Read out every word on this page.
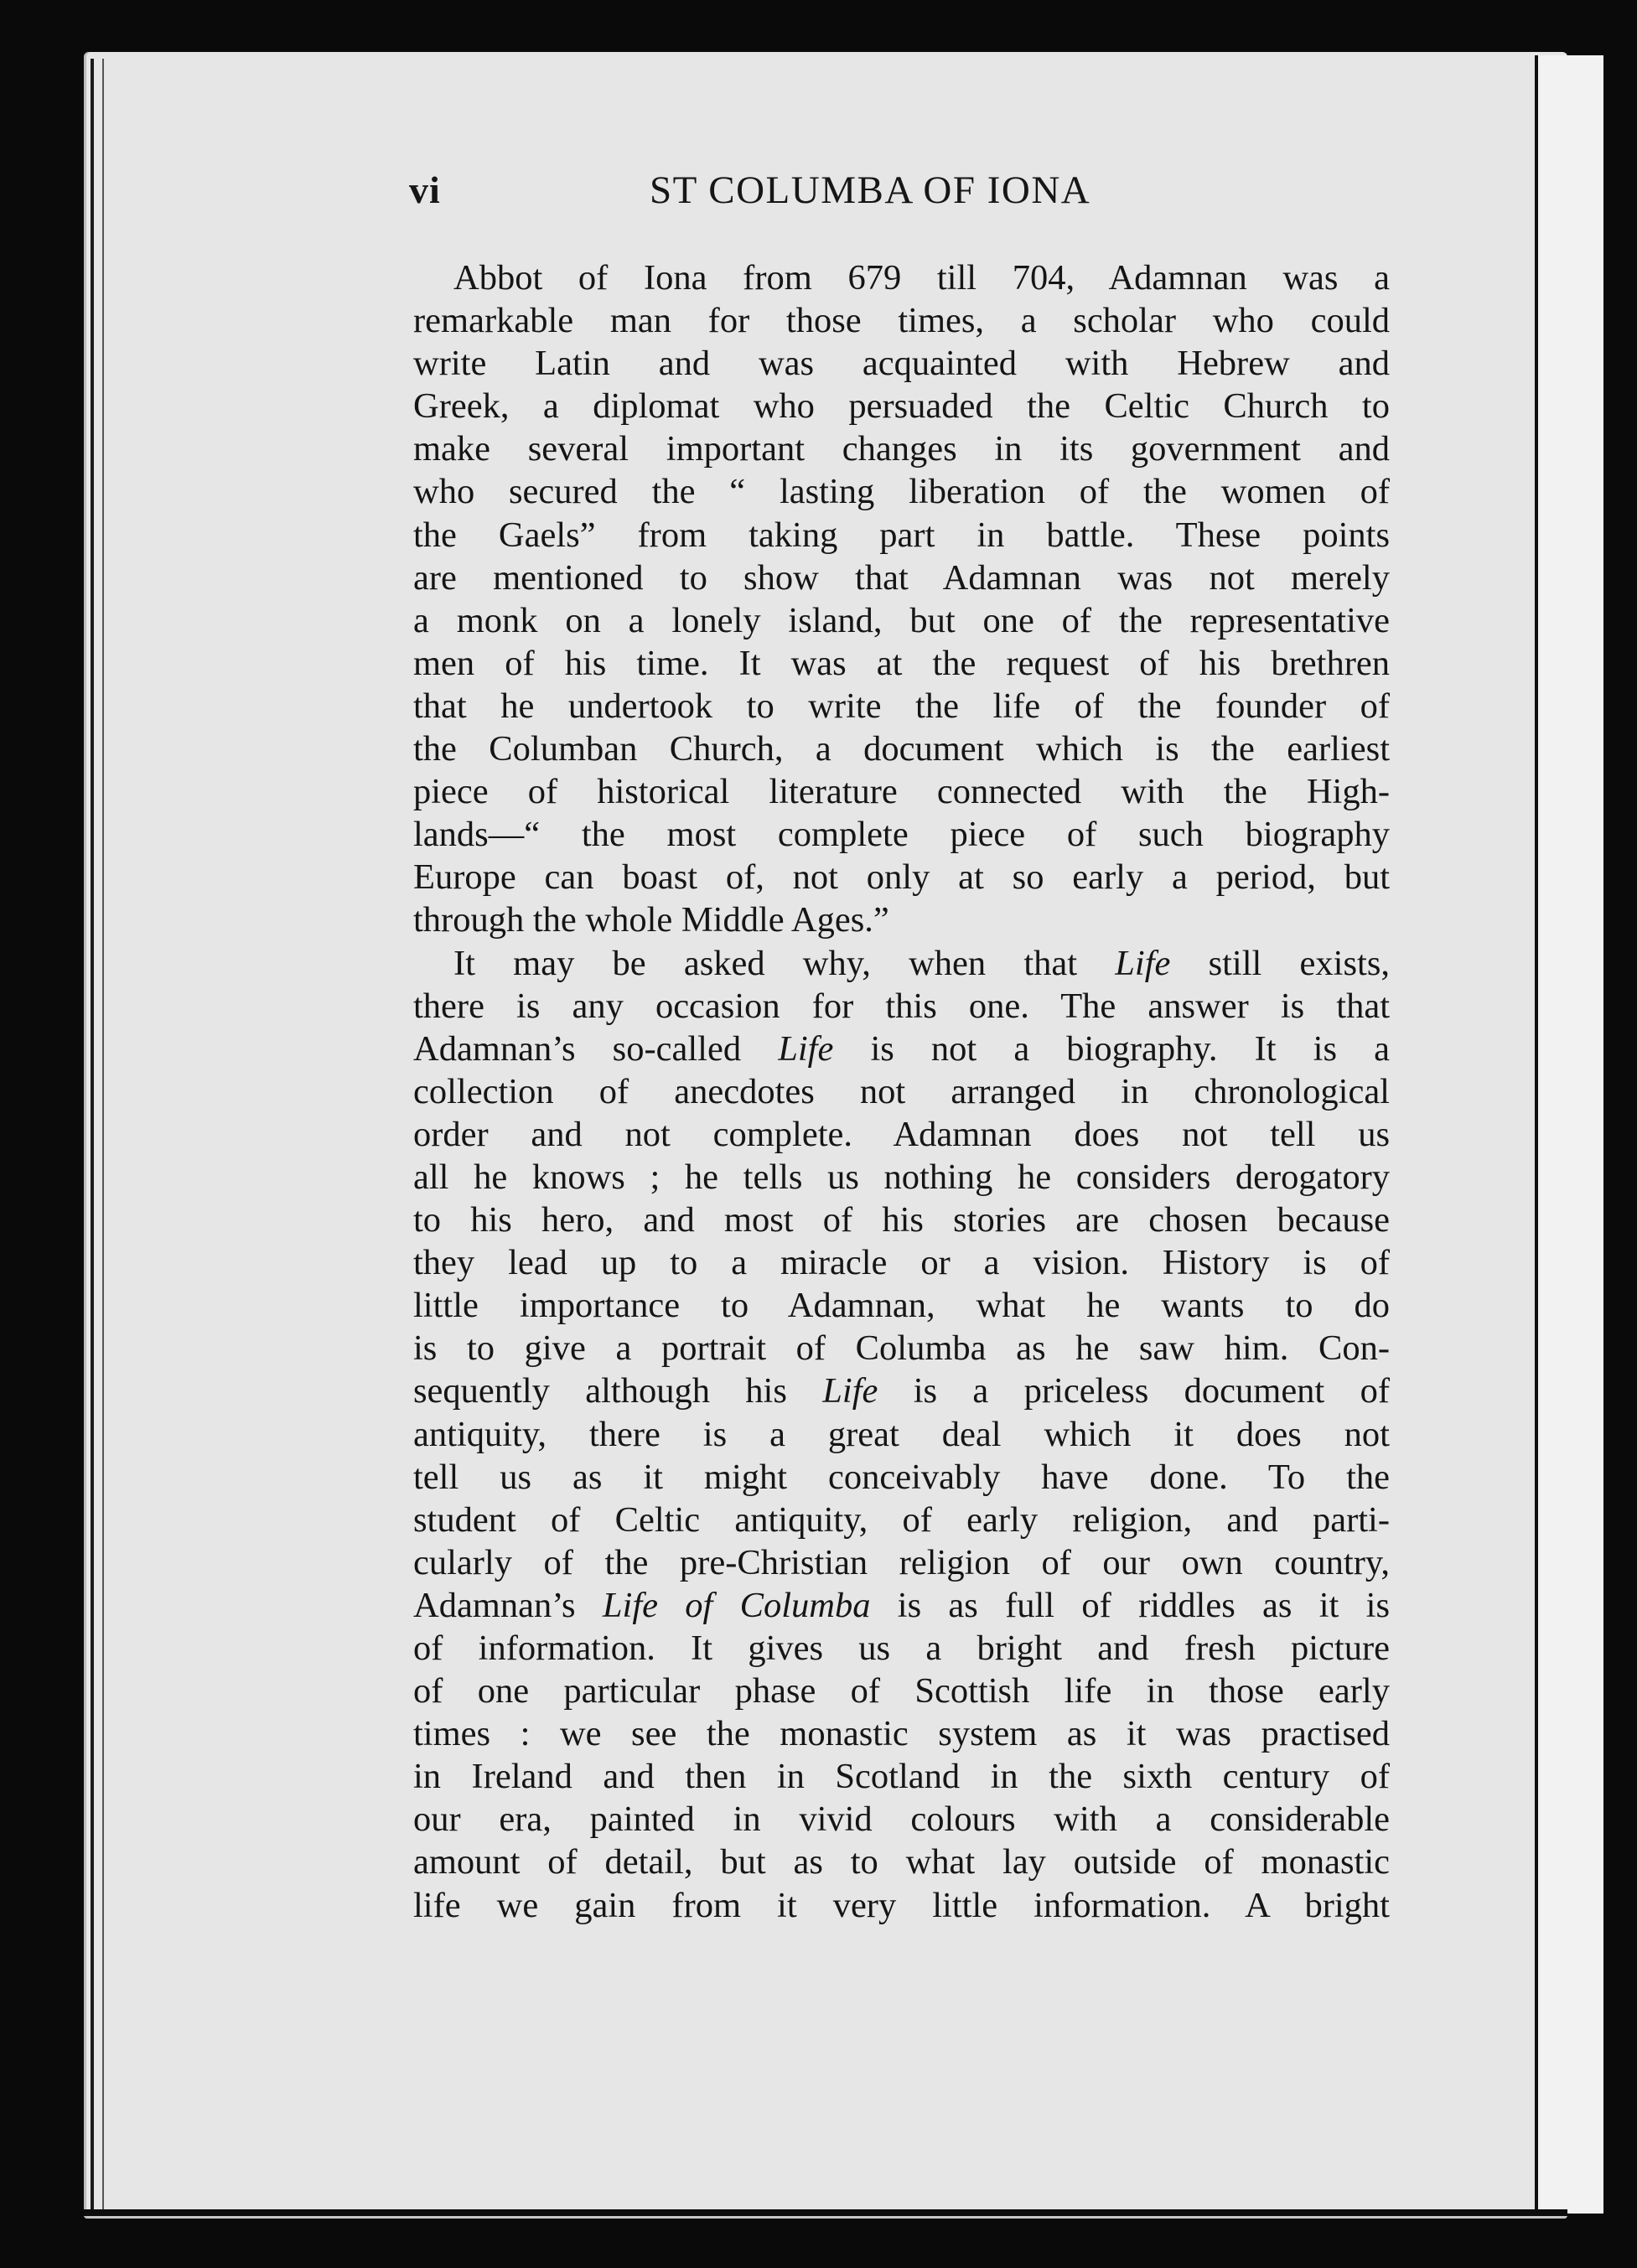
vi	ST COLUMBA OF IONA
Abbot of Iona from 679 till 704, Adamnan was a
remarkable man for those times, a scholar who could
write Latin and was acquainted with Hebrew and
Greek, a diplomat who persuaded the Celtic Church to
make several important changes in its government and
who secured the “ lasting liberation of the women of
the Gaels” from taking part in battle. These points
are mentioned to show that Adamnan was not merely
a monk on a lonely island, but one of the representative
men of his time. It was at the request of his brethren
that he undertook to write the life of the founder of
the Columban Church, a document which is the earliest
piece of historical literature connected with the High-
lands—“ the most complete piece of such biography
Europe can boast of, not only at so early a period, but
through the whole Middle Ages.”
It may be asked why, when that Life still exists,
there is any occasion for this one. The answer is that
Adamnan’s so-called Life is not a biography. It is a
collection of anecdotes not arranged in chronological
order and not complete. Adamnan does not tell us
all he knows ; he tells us nothing he considers derogatory
to his hero, and most of his stories are chosen because
they lead up to a miracle or a vision. History is of
little importance to Adamnan, what he wants to do
is to give a portrait of Columba as he saw him. Con-
sequently although his Life is a priceless document of
antiquity, there is a great deal which it does not
tell us as it might conceivably have done. To the
student of Celtic antiquity, of early religion, and parti-
cularly of the pre-Christian religion of our own country,
Adamnan’s Life of Columba is as full of riddles as it is
of information. It gives us a bright and fresh picture
of one particular phase of Scottish life in those early
times : we see the monastic system as it was practised
in Ireland and then in Scotland in the sixth century of
our era, painted in vivid colours with a considerable
amount of detail, but as to what lay outside of monastic
life we gain from it very little information. A bright
